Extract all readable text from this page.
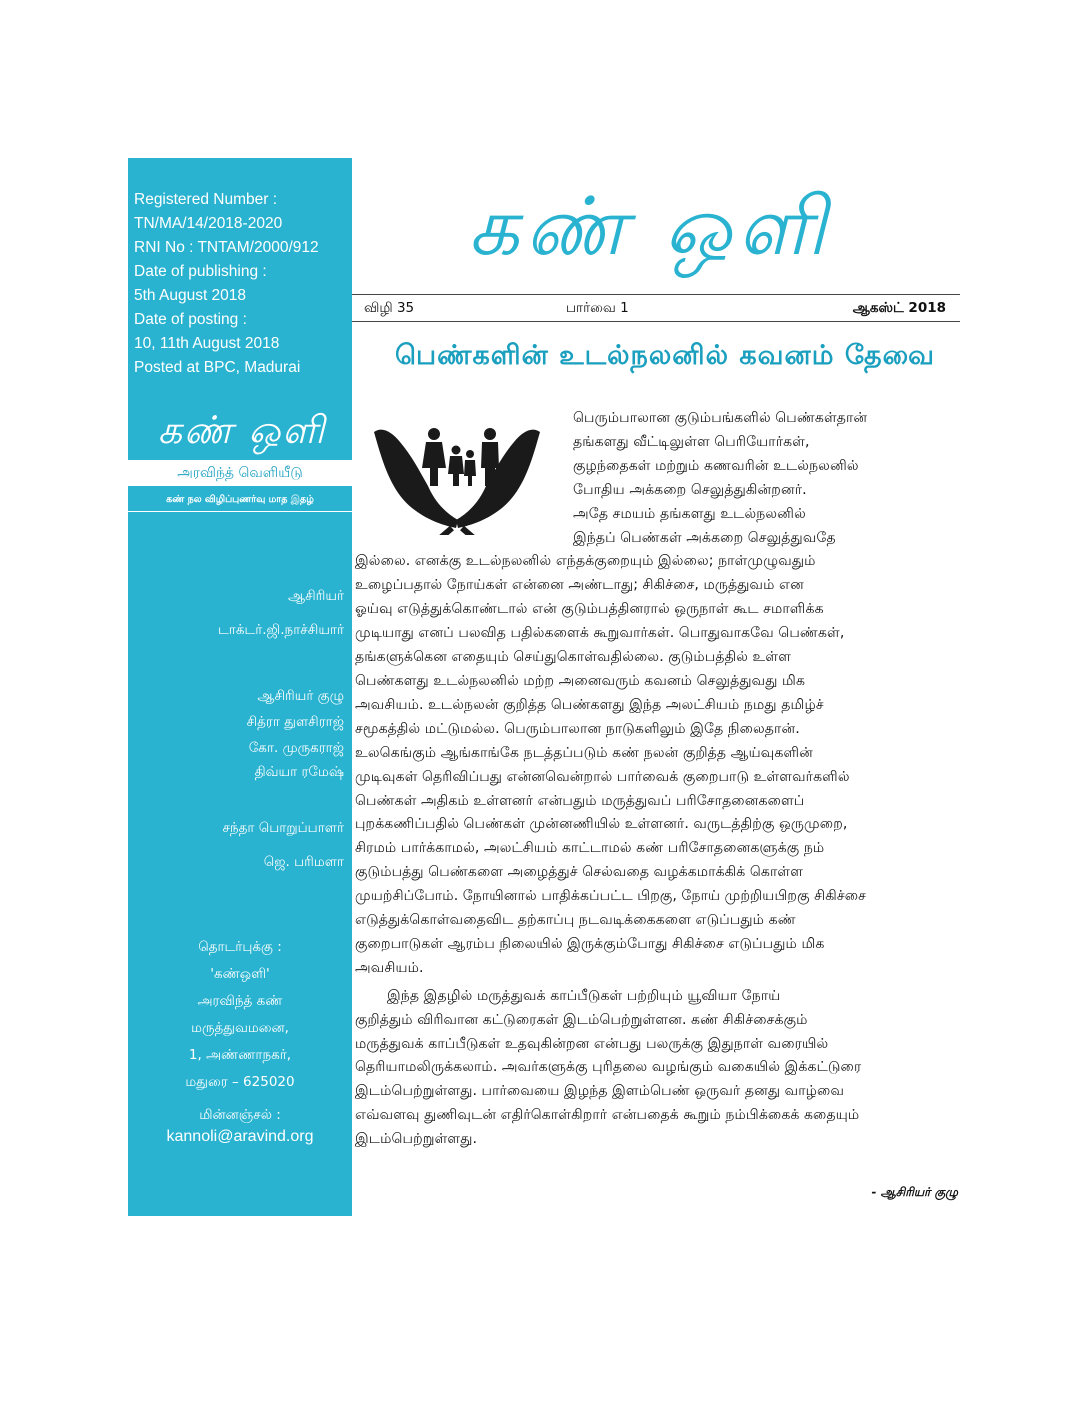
Registered Number :
TN/MA/14/2018-2020
RNI No : TNTAM/2000/912
Date of publishing :
5th August 2018
Date of posting :
10, 11th August 2018
Posted at BPC, Madurai
கண் ஒளி
அரவிந்த் வெளியீடு
கண் நல விழிப்புணர்வு மாத இதழ்
ஆசிரியர்
டாக்டர்.ஜி.நாச்சியார்
ஆசிரியர் குழு
சித்ரா துளசிராஜ்
கோ. முருகராஜ்
திவ்யா ரமேஷ்
சந்தா பொறுப்பாளர்
ஜெ. பரிமளா
தொடர்புக்கு :
'கண்ஒளி'
அரவிந்த் கண்
மருத்துவமனை,
1, அண்ணாநகர்,
மதுரை – 625020
மின்னஞ்சல் :
kannoli@aravind.org
கண் ஒளி
விழி 35	பார்வை 1	ஆகஸ்ட் 2018
பெண்களின் உடல்நலனில் கவனம் தேவை
பெரும்பாலான குடும்பங்களில் பெண்கள்தான்
தங்களது வீட்டிலுள்ள பெரியோர்கள்,
குழந்தைகள் மற்றும் கணவரின் உடல்நலனில்
போதிய அக்கறை செலுத்துகின்றனர்.
அதே சமயம் தங்களது உடல்நலனில்
இந்தப் பெண்கள் அக்கறை செலுத்துவதே
இல்லை. எனக்கு உடல்நலனில் எந்தக்குறையும் இல்லை; நாள்முழுவதும்
உழைப்பதால் நோய்கள் என்னை அண்டாது; சிகிச்சை, மருத்துவம் என
ஓய்வு எடுத்துக்கொண்டால் என் குடும்பத்தினரால் ஒருநாள் கூட சமாளிக்க
முடியாது எனப் பலவித பதில்களைக் கூறுவார்கள். பொதுவாகவே பெண்கள்,
தங்களுக்கென எதையும் செய்துகொள்வதில்லை. குடும்பத்தில் உள்ள
பெண்களது உடல்நலனில் மற்ற அனைவரும் கவனம் செலுத்துவது மிக
அவசியம். உடல்நலன் குறித்த பெண்களது இந்த அலட்சியம் நமது தமிழ்ச்
சமூகத்தில் மட்டுமல்ல. பெரும்பாலான நாடுகளிலும் இதே நிலைதான்.
உலகெங்கும் ஆங்காங்கே நடத்தப்படும் கண் நலன் குறித்த ஆய்வுகளின்
முடிவுகள் தெரிவிப்பது என்னவென்றால் பார்வைக் குறைபாடு உள்ளவர்களில்
பெண்கள் அதிகம் உள்ளனர் என்பதும் மருத்துவப் பரிசோதனைகளைப்
புறக்கணிப்பதில் பெண்கள் முன்னணியில் உள்ளனர். வருடத்திற்கு ஒருமுறை,
சிரமம் பார்க்காமல், அலட்சியம் காட்டாமல் கண் பரிசோதனைகளுக்கு நம்
குடும்பத்து பெண்களை அழைத்துச் செல்வதை வழக்கமாக்கிக் கொள்ள
முயற்சிப்போம். நோயினால் பாதிக்கப்பட்ட பிறகு, நோய் முற்றியபிறகு சிகிச்சை
எடுத்துக்கொள்வதைவிட தற்காப்பு நடவடிக்கைகளை எடுப்பதும் கண்
குறைபாடுகள் ஆரம்ப நிலையில் இருக்கும்போது சிகிச்சை எடுப்பதும் மிக
அவசியம்.
இந்த இதழில் மருத்துவக் காப்பீடுகள் பற்றியும் யூவியா நோய்
குறித்தும் விரிவான கட்டுரைகள் இடம்பெற்றுள்ளன. கண் சிகிச்சைக்கும்
மருத்துவக் காப்பீடுகள் உதவுகின்றன என்பது பலருக்கு இதுநாள் வரையில்
தெரியாமலிருக்கலாம். அவர்களுக்கு புரிதலை வழங்கும் வகையில் இக்கட்டுரை
இடம்பெற்றுள்ளது. பார்வையை இழந்த இளம்பெண் ஒருவர் தனது வாழ்வை
எவ்வளவு துணிவுடன் எதிர்கொள்கிறார் என்பதைக் கூறும் நம்பிக்கைக் கதையும்
இடம்பெற்றுள்ளது.
- ஆசிரியர் குழு
